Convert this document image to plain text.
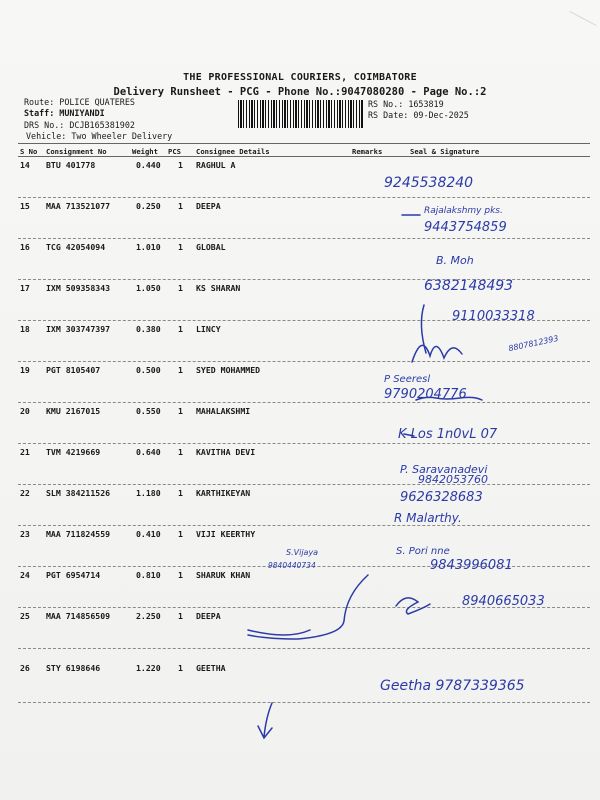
THE PROFESSIONAL COURIERS, COIMBATORE
Delivery Runsheet - PCG - Phone No.:9047080280 - Page No.:2
Route: POLICE QUATERES
Staff: MUNIYANDI
DRS No.: DCJB165381902
Vehicle: Two Wheeler Delivery
RS No.: 1653819
RS Date: 09-Dec-2025
S No Consignment No	Weight PCS Consignee Details	Remarks	Seal & Signature
14 BTU 401778	0.440 1 RAGHUL A
15 MAA 713521077	0.250 1 DEEPA
16 TCG 42054094	1.010 1 GLOBAL
17 IXM 509358343	1.050 1 KS SHARAN
18 IXM 303747397	0.380 1 LINCY
19 PGT 8105407	0.500 1 SYED MOHAMMED
20 KMU 2167015	0.550 1 MAHALAKSHMI
21 TVM 4219669	0.640 1 KAVITHA DEVI
22 SLM 384211526	1.180 1 KARTHIKEYAN
23 MAA 711824559	0.410 1 VIJI KEERTHY
24 PGT 6954714	0.810 1 SHARUK KHAN
25 MAA 714856509	2.250 1 DEEPA
26 STY 6198646	1.220 1 GEETHA
9245538240
Rajalakshmy pks.
9443754859
B. Moh
6382148493
9110033318
8807812393
P Seeresl
9790204776
K Los 1n0vL 07
P. Saravanadevi
9842053760
9626328683
R Malarthy.
S.Vijaya
9840440734
S. Pori nne
9843996081
8940665033
Geetha 9787339365
